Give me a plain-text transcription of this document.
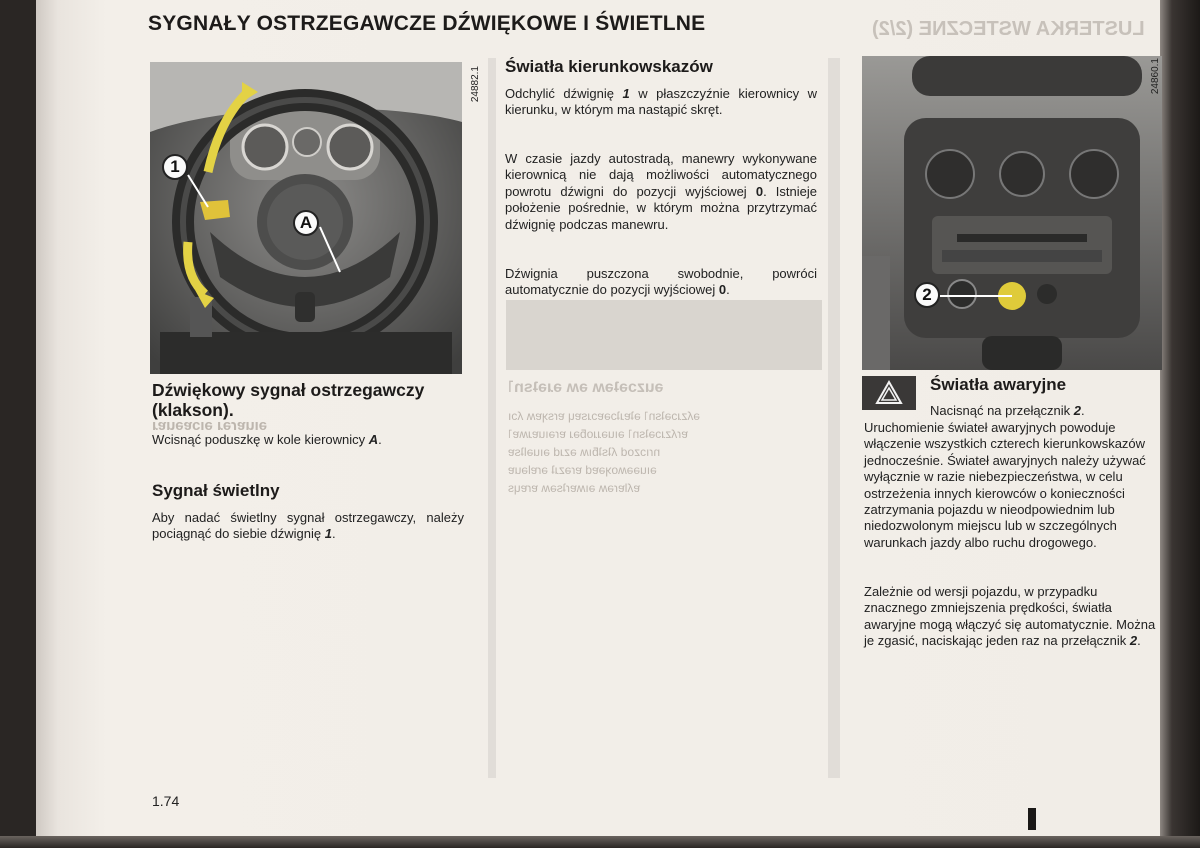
LUSTERKA WSTECZNE (2/2)
SYGNAŁY OSTRZEGAWCZE DŹWIĘKOWE I ŚWIETLNE
1
A
24882.1
Dźwiękowy sygnał ostrzegawczy (klakson).
Wcisnąć poduszkę w kole kierownicy A.
Sygnał świetlny
Aby nadać świetlny sygnał ostrzegawczy, należy pociągnąć do siebie dźwignię 1.
ǝıuɐɾǝɹ ǝıɔɐǝuɐɹ
Światła kierunkowskazów
Odchylić dźwignię 1 w płaszczyźnie kierownicy w kierunku, w którym ma nastąpić skręt.
W czasie jazdy autostradą, manewry wykonywane kierownicą nie dają możliwości automatycznego powrotu dźwigni do pozycji wyjściowej 0. Istnieje położenie pośrednie, w którym można przytrzymać dźwignię podczas manewru.
Dźwignia puszczona swobodnie, powróci automatycznie do pozycji wyjściowej 0.
ǝuzɔǝʇǝʍ ǝʍ ǝɹǝʇsn˥
ǝʎzɹɔǝʇsn˥ ǝʇɐɹʇɔǝɐɔɹsɐɥ ɐɾsʞɐʍ ʎɔı
ɐɾʎzɹɔǝʇsn˥ ǝıuǝɹɹoƃǝɹ ɐɾǝıuɐɹʍɐ˥
nɾıɔzod ʎʇsʇƃıʍ ǝzɹd ǝıuǝlʇsɐ
ǝıuǝǝʍoʞǝɐd ɐɾǝzɹʇ ǝɾɐlǝuɐ
ɐʎlɐɾǝʍ ǝıʍɐɾʇsǝʍ ɐɾɐɥs
2
24860.1
Światła awaryjne
Nacisnąć na przełącznik 2.
Uruchomienie świateł awaryjnych powoduje włączenie wszystkich czterech kierunkowskazów jednocześnie. Świateł awaryjnych należy używać wyłącznie w razie niebezpieczeństwa, w celu ostrzeżenia innych kierowców o konieczności zatrzymania pojazdu w nieodpowiednim lub niedozwolonym miejscu lub w szczególnych warunkach jazdy albo ruchu drogowego.
Zależnie od wersji pojazdu, w przypadku znacznego zmniejszenia prędkości, światła awaryjne mogą włączyć się automatycznie. Można je zgasić, naciskając jeden raz na przełącznik 2.
1.74
